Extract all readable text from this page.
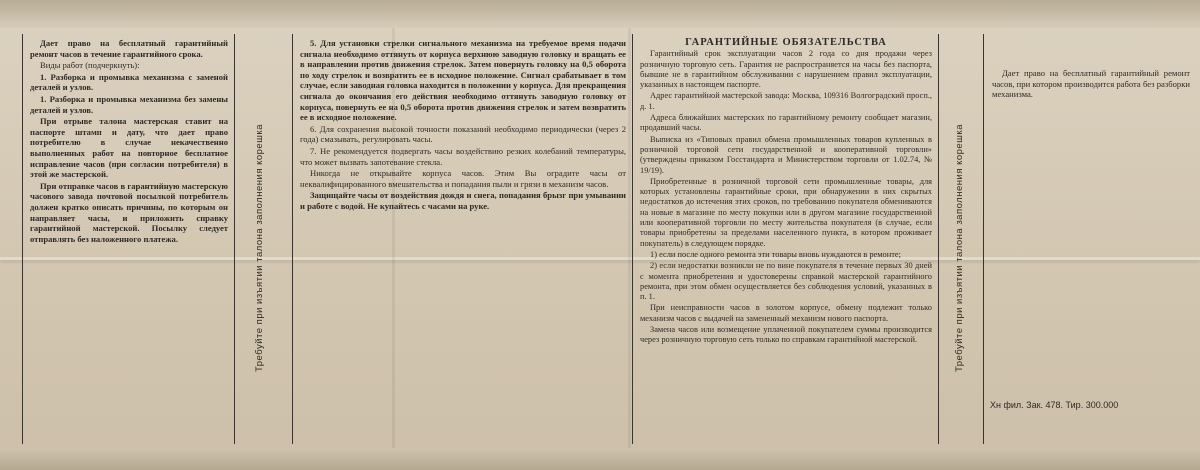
Дает право на бесплатный гарантийный ремонт часов в течение гарантийного срока.

Виды работ (подчеркнуть):

1. Разборка и промывка механизма с заменой деталей и узлов.

1. Разборка и промывка механизма без замены деталей и узлов.

При отрыве талона мастерская ставит на паспорте штамп и дату, что дает право потребителю в случае некачественно выполненных работ на повторное бесплатное исправление часов (при согласии потребителя) в этой же мастерской.

При отправке часов в гарантийную мастерскую часового завода почтовой посылкой потребитель должен кратко описать причины, по которым он направляет часы, и приложить справку гарантийной мастерской. Посылку следует отправлять без наложенного платежа.	Требуйте при изъятии талона заполнения корешка

5. Для установки стрелки сигнального механизма на требуемое время подачи сигнала необходимо оттянуть от корпуса верхнюю заводную головку и вращать ее в направлении против движения стрелок. Затем повернуть головку на 0,5 оборота по ходу стрелок и возвратить ее в исходное положение. Сигнал срабатывает в том случае, если заводная головка находится в положении у корпуса. Для прекращения сигнала до окончания его действия необходимо оттянуть заводную головку от корпуса, повернуть ее на 0,5 оборота против движения стрелок и затем возвратить ее в исходное положение.

6. Для сохранения высокой точности показаний необходимо периодически (через 2 года) смазывать, регулировать часы.

7. Не рекомендуется подвергать часы воздействию резких колебаний температуры, что может вызвать запотевание стекла.

Никогда не открывайте корпуса часов. Этим Вы оградите часы от неквалифицированного вмешательства и попадания пыли и грязи в механизм часов.

Защищайте часы от воздействия дождя и снега, попадания брызг при умывании и работе с водой. Не купайтесь с часами на руке.

ГАРАНТИЙНЫЕ ОБЯЗАТЕЛЬСТВА

Гарантийный срок эксплуатации часов 2 года со дня продажи через розничную торговую сеть. Гарантия не распространяется на часы без паспорта, бывшие не в гарантийном обслуживании с нарушением правил эксплуатации, указанных в настоящем паспорте.

Адрес гарантийной мастерской завода: Москва, 109316 Волгоградский просп., д. 1.

Адреса ближайших мастерских по гарантийному ремонту сообщает магазин, продавший часы.

Выписка из «Типовых правил обмена промышленных товаров купленных в розничной торговой сети государственной и кооперативной торговли» (утверждены приказом Госстандарта и Министерством торговли от 1.02.74, № 19/19).

Приобретенные в розничной торговой сети промышленные товары, для которых установлены гарантийные сроки, при обнаружении в них скрытых недостатков до истечения этих сроков, по требованию покупателя обмениваются на новые в магазине по месту покупки или в другом магазине государственной или кооперативной торговли по месту жительства покупателя (в случае, если товары приобретены за пределами населенного пункта, в котором проживает покупатель) в следующем порядке.

1) если после одного ремонта эти товары вновь нуждаются в ремонте;

2) если недостатки возникли не по вине покупателя в течение первых 30 дней с момента приобретения и удостоверены справкой мастерской гарантийного ремонта, при этом обмен осуществляется без соблюдения условий, указанных в п. 1.

При неисправности часов в золотом корпусе, обмену подлежит только механизм часов с выдачей на замененный механизм нового паспорта.

Замена часов или возмещение уплаченной покупателем суммы производится через розничную торговую сеть только по справкам гарантийной мастерской.	Требуйте при изъятии талона заполнения корешка

Дает право на бесплатный гарантийный ремонт часов, при котором производится работа без разборки механизма.

Хн фил. Зак. 478. Тир. 300.000
